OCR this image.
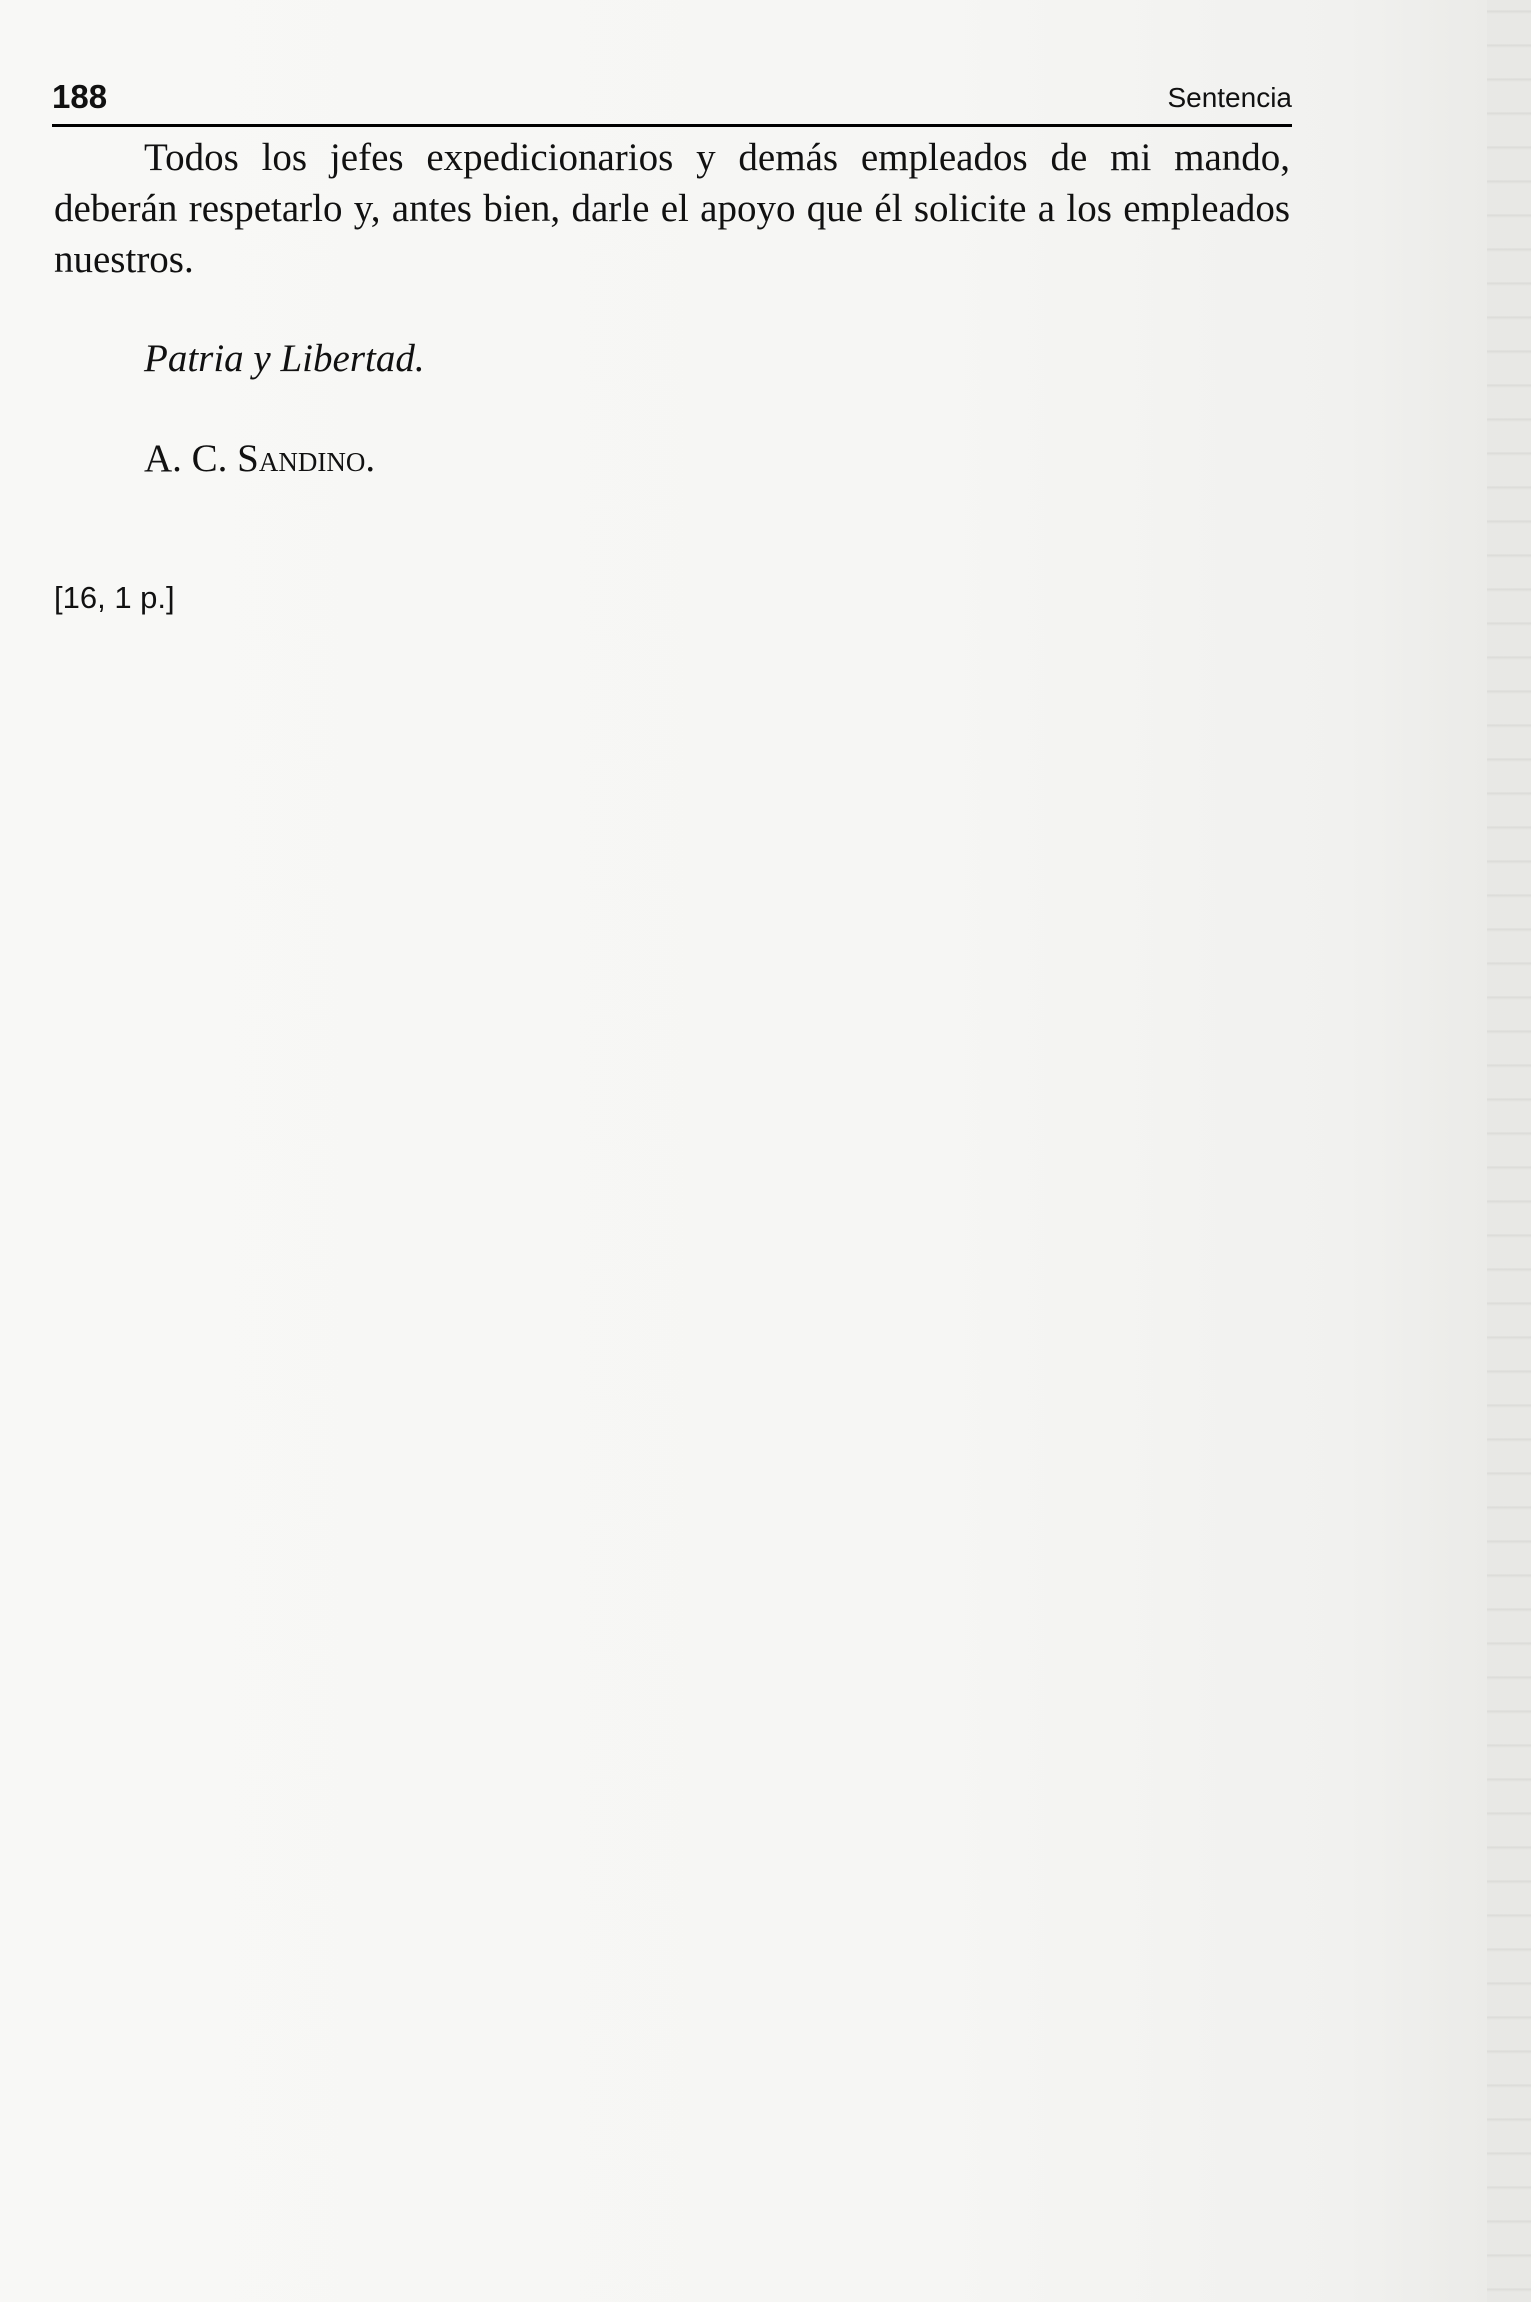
188	Sentencia

Todos los jefes expedicionarios y demás empleados de mi mando, deberán respetarlo y, antes bien, darle el apoyo que él solicite a los empleados nuestros.

Patria y Libertad.

A. C. Sandino.

[16, 1 p.]
